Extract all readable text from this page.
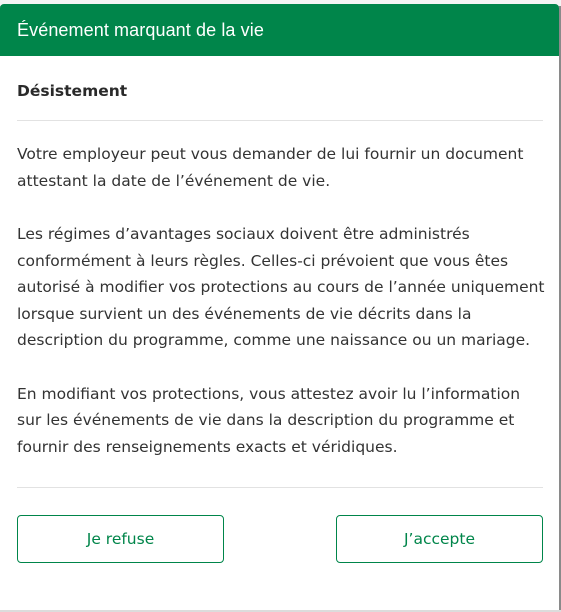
Événement marquant de la vie
Désistement

Votre employeur peut vous demander de lui fournir un document attestant la date de l’événement de vie.

Les régimes d’avantages sociaux doivent être administrés conformément à leurs règles. Celles-ci prévoient que vous êtes autorisé à modifier vos protections au cours de l’année uniquement lorsque survient un des événements de vie décrits dans la description du programme, comme une naissance ou un mariage.

En modifiant vos protections, vous attestez avoir lu l’information sur les événements de vie dans la description du programme et fournir des renseignements exacts et véridiques.

Je refuse	J’accepte
